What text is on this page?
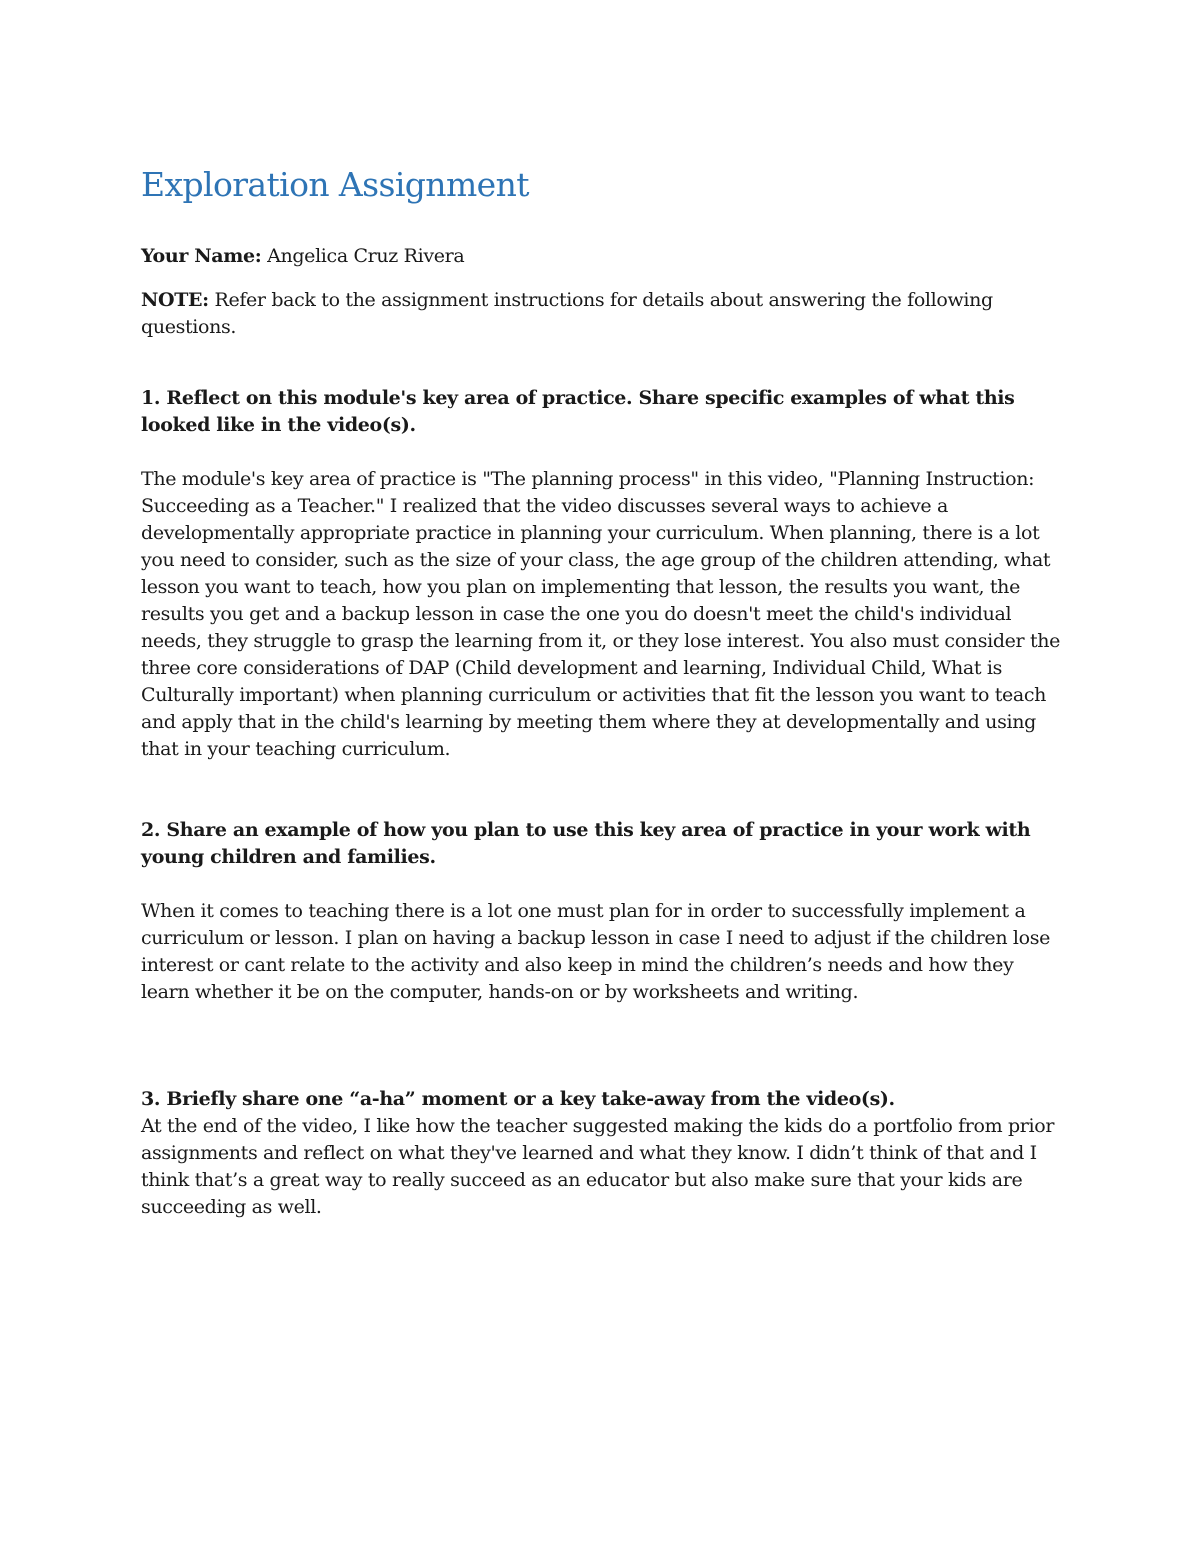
Exploration Assignment

Your Name: Angelica Cruz Rivera

NOTE: Refer back to the assignment instructions for details about answering the following questions.

1. Reflect on this module's key area of practice. Share specific examples of what this looked like in the video(s).

The module's key area of practice is "The planning process" in this video, "Planning Instruction: Succeeding as a Teacher." I realized that the video discusses several ways to achieve a developmentally appropriate practice in planning your curriculum. When planning, there is a lot you need to consider, such as the size of your class, the age group of the children attending, what lesson you want to teach, how you plan on implementing that lesson, the results you want, the results you get and a backup lesson in case the one you do doesn't meet the child's individual needs, they struggle to grasp the learning from it, or they lose interest. You also must consider the three core considerations of DAP (Child development and learning, Individual Child, What is Culturally important) when planning curriculum or activities that fit the lesson you want to teach and apply that in the child's learning by meeting them where they at developmentally and using that in your teaching curriculum.

2. Share an example of how you plan to use this key area of practice in your work with young children and families.

When it comes to teaching there is a lot one must plan for in order to successfully implement a curriculum or lesson. I plan on having a backup lesson in case I need to adjust if the children lose interest or cant relate to the activity and also keep in mind the children’s needs and how they learn whether it be on the computer, hands-on or by worksheets and writing.

3. Briefly share one “a-ha” moment or a key take-away from the video(s).

At the end of the video, I like how the teacher suggested making the kids do a portfolio from prior assignments and reflect on what they've learned and what they know. I didn’t think of that and I think that’s a great way to really succeed as an educator but also make sure that your kids are succeeding as well.
